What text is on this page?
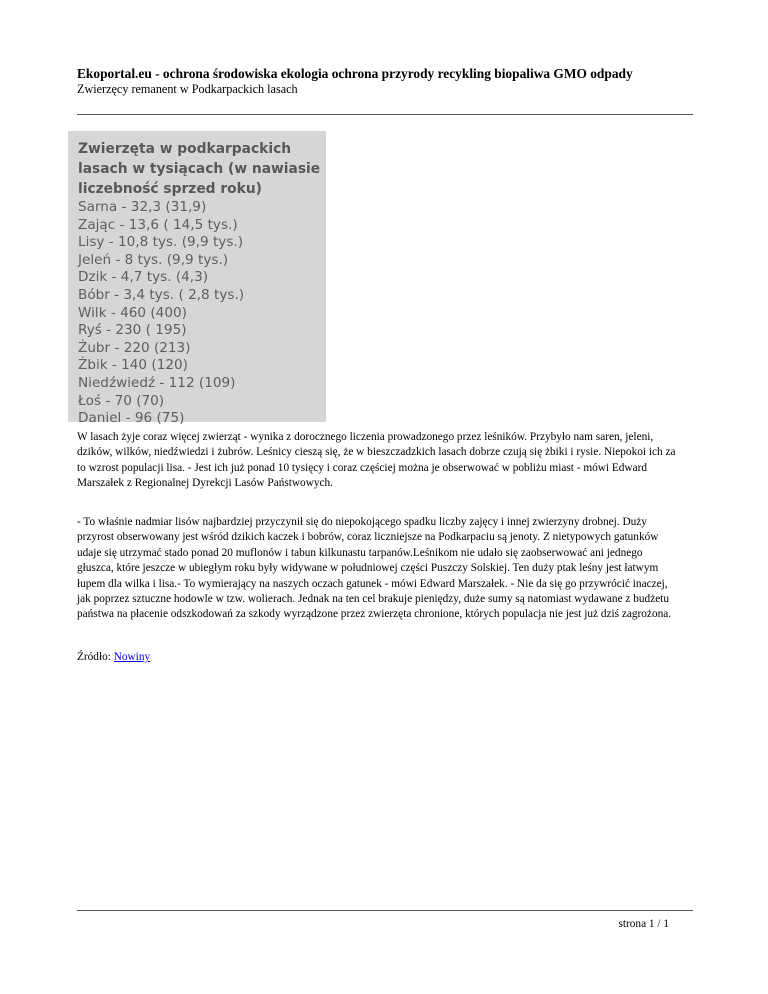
Ekoportal.eu - ochrona środowiska ekologia ochrona przyrody recykling biopaliwa GMO odpady

Zwierzęcy remanent w Podkarpackich lasach

Zwierzęta w podkarpackich

lasach w tysiącach (w nawiasie

liczebność sprzed roku)

Sarna - 32,3 (31,9)
Zając - 13,6 ( 14,5 tys.)
Lisy - 10,8 tys. (9,9 tys.)
Jeleń - 8 tys. (9,9 tys.)
Dzik - 4,7 tys. (4,3)
Bóbr - 3,4 tys. ( 2,8 tys.)
Wilk - 460 (400)
Ryś - 230 ( 195)
Żubr - 220 (213)
Żbik - 140 (120)
Niedźwiedź - 112 (109)
Łoś - 70 (70)
Daniel - 96 (75)

W lasach żyje coraz więcej zwierząt - wynika z dorocznego liczenia prowadzonego przez leśników. Przybyło nam saren, jeleni, dzików, wilków, niedźwiedzi i żubrów. Leśnicy cieszą się, że w bieszczadzkich lasach dobrze czują się żbiki i rysie. Niepokoi ich za to wzrost populacji lisa. - Jest ich już ponad 10 tysięcy i coraz częściej można je obserwować w pobliżu miast - mówi Edward Marszałek z Regionalnej Dyrekcji Lasów Państwowych.

- To właśnie nadmiar lisów najbardziej przyczynił się do niepokojącego spadku liczby zajęcy i innej zwierzyny drobnej. Duży przyrost obserwowany jest wśród dzikich kaczek i bobrów, coraz liczniejsze na Podkarpaciu są jenoty. Z nietypowych gatunków udaje się utrzymać stado ponad 20 muflonów i tabun kilkunastu tarpanów.Leśnikom nie udało się zaobserwować ani jednego głuszca, które jeszcze w ubiegłym roku były widywane w południowej części Puszczy Solskiej. Ten duży ptak leśny jest łatwym łupem dla wilka i lisa.- To wymierający na naszych oczach gatunek - mówi Edward Marszałek. - Nie da się go przywrócić inaczej, jak poprzez sztuczne hodowle w tzw. wolierach. Jednak na ten cel brakuje pieniędzy, duże sumy są natomiast wydawane z budżetu państwa na płacenie odszkodowań za szkody wyrządzone przez zwierzęta chronione, których populacja nie jest już dziś zagrożona.

Źródło: Nowiny

strona 1 / 1
